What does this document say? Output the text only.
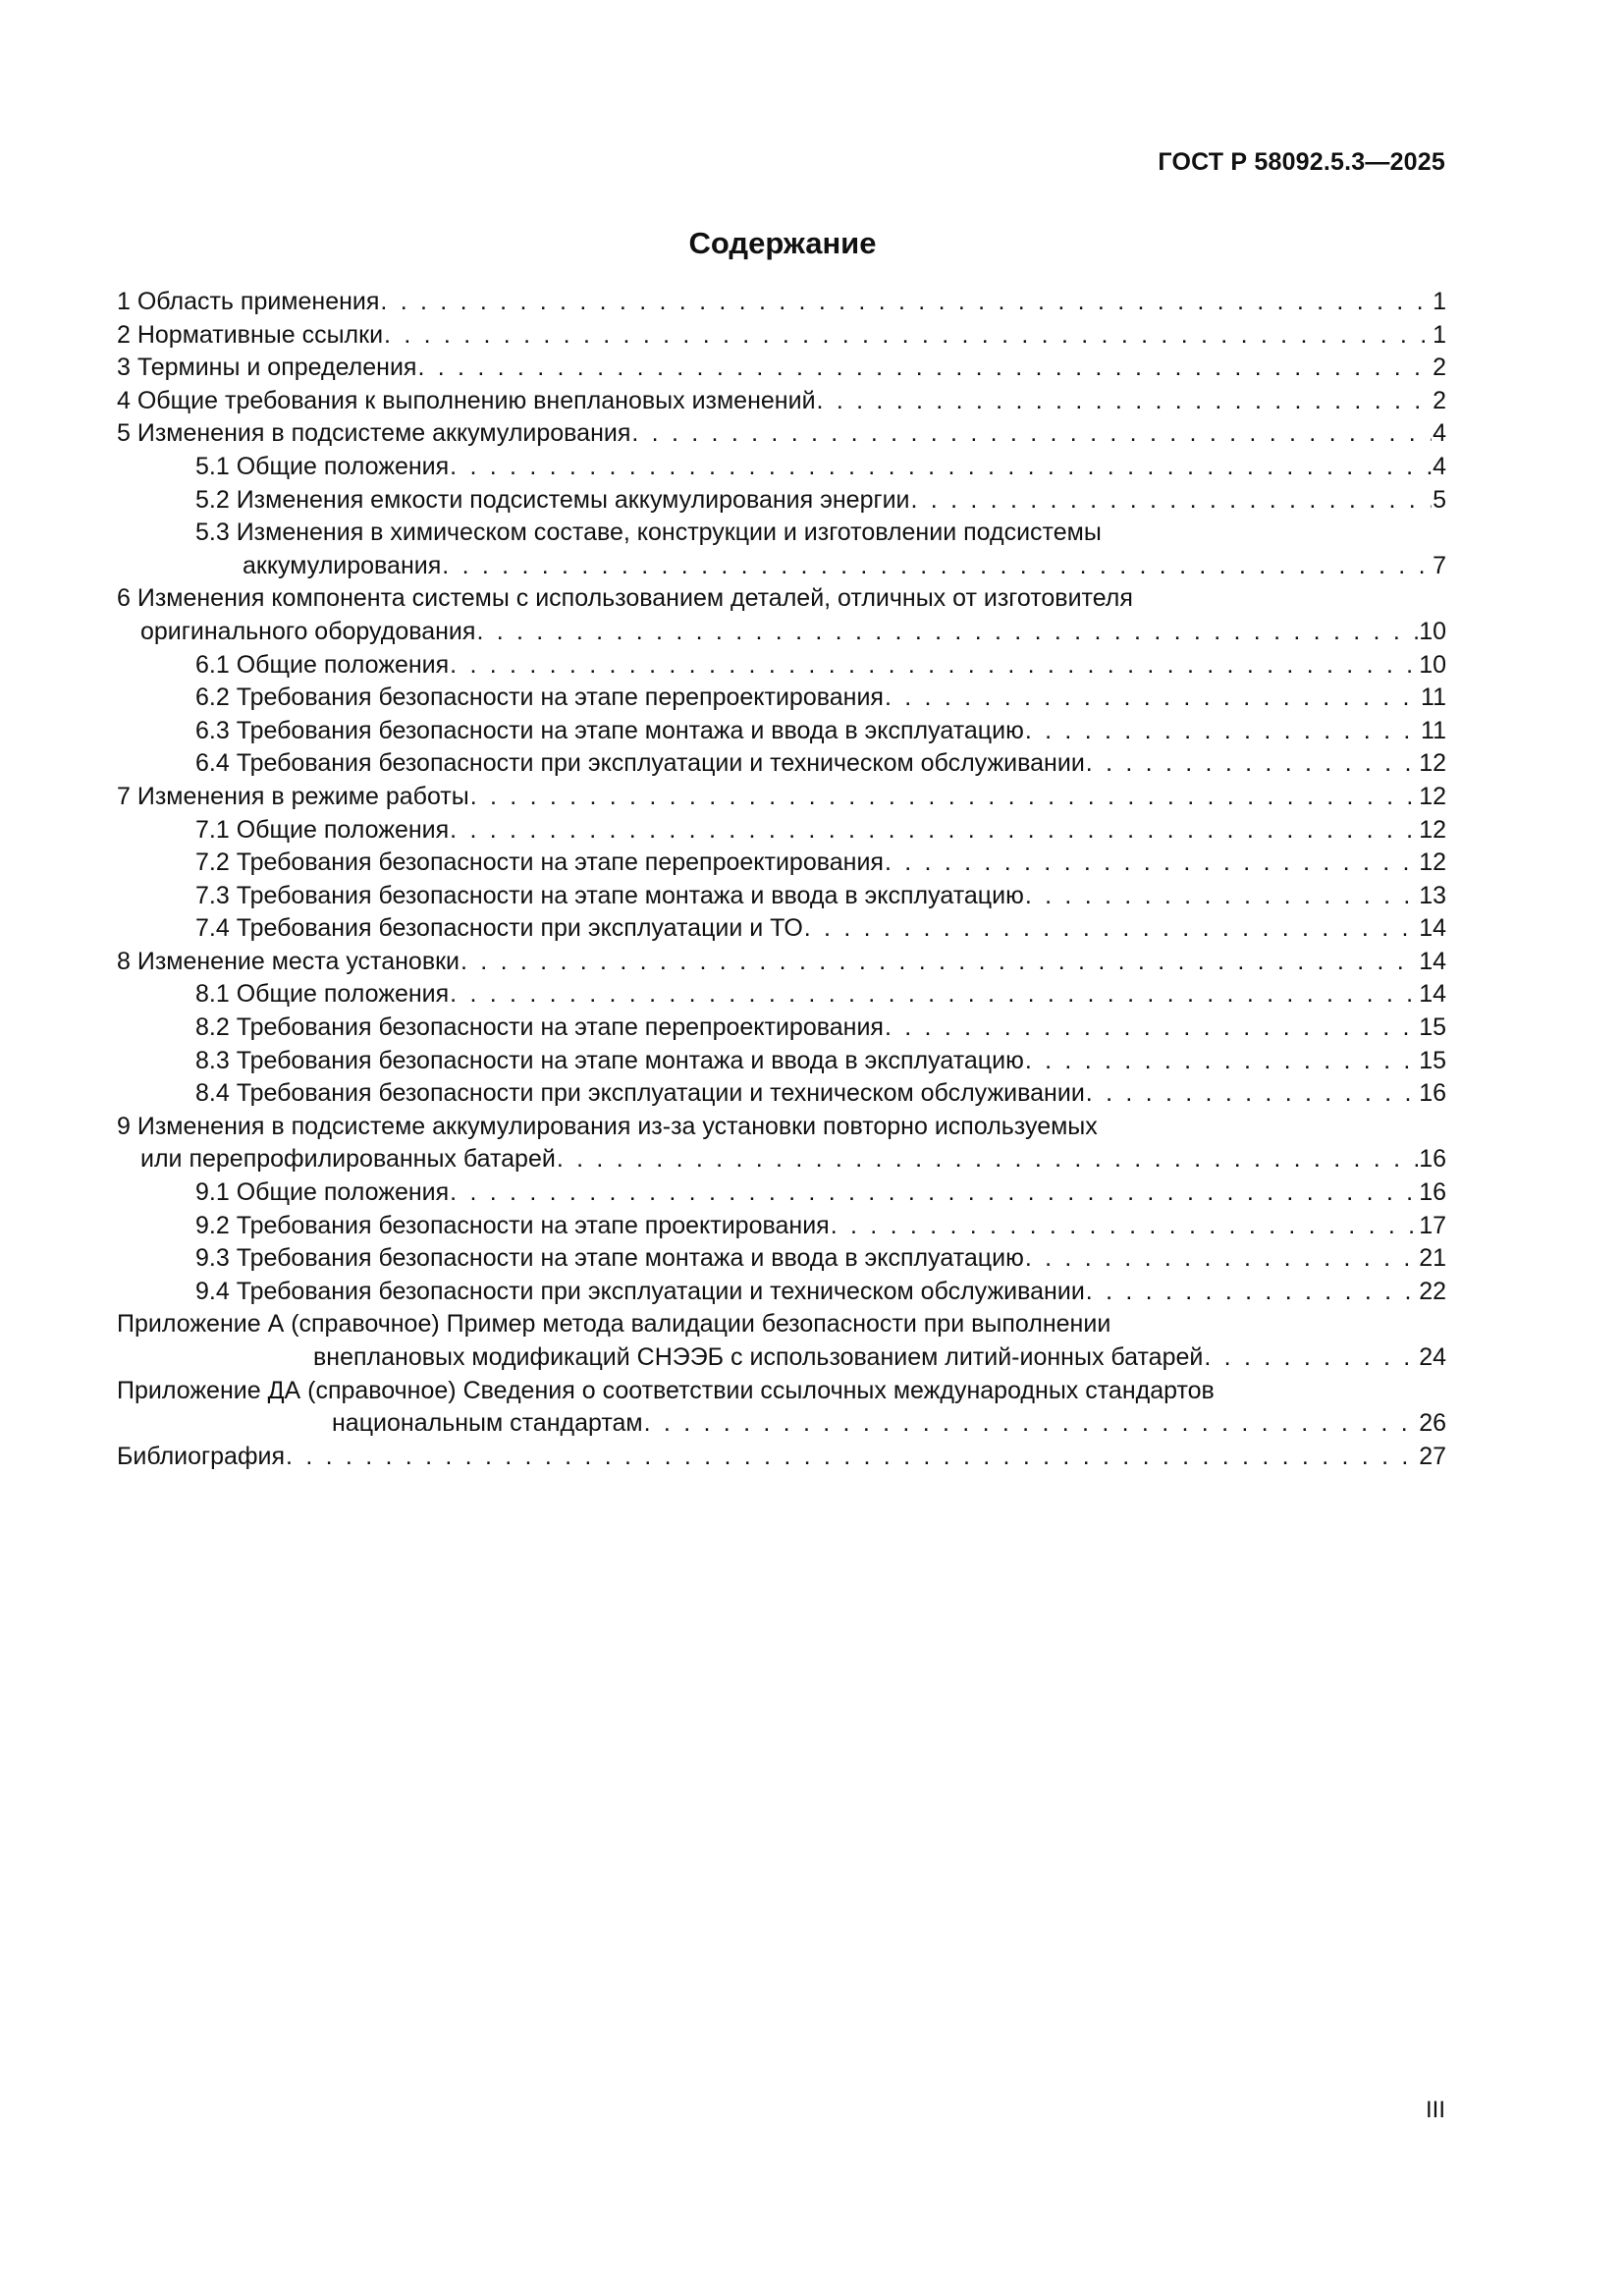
ГОСТ Р 58092.5.3—2025
Содержание
1 Область применения . . .	1
2 Нормативные ссылки . . .	1
3 Термины и определения . . .	2
4 Общие требования к выполнению внеплановых изменений . . .	2
5 Изменения в подсистеме аккумулирования . . .	4
5.1 Общие положения . . .	4
5.2 Изменения емкости подсистемы аккумулирования энергии . . .	5
5.3 Изменения в химическом составе, конструкции и изготовлении подсистемы
аккумулирования . . .	7
6 Изменения компонента системы с использованием деталей, отличных от изготовителя
оригинального оборудования . . .	10
6.1 Общие положения . . .	10
6.2 Требования безопасности на этапе перепроектирования . . .	11
6.3 Требования безопасности на этапе монтажа и ввода в эксплуатацию . . .	11
6.4 Требования безопасности при эксплуатации и техническом обслуживании . . .	12
7 Изменения в режиме работы . . .	12
7.1 Общие положения . . .	12
7.2 Требования безопасности на этапе перепроектирования . . .	12
7.3 Требования безопасности на этапе монтажа и ввода в эксплуатацию . . .	13
7.4 Требования безопасности при эксплуатации и ТО . . .	14
8 Изменение места установки . . .	14
8.1 Общие положения . . .	14
8.2 Требования безопасности на этапе перепроектирования . . .	15
8.3 Требования безопасности на этапе монтажа и ввода в эксплуатацию . . .	15
8.4 Требования безопасности при эксплуатации и техническом обслуживании . . .	16
9 Изменения в подсистеме аккумулирования из-за установки повторно используемых
или перепрофилированных батарей . . .	16
9.1 Общие положения . . .	16
9.2 Требования безопасности на этапе проектирования . . .	17
9.3 Требования безопасности на этапе монтажа и ввода в эксплуатацию . . .	21
9.4 Требования безопасности при эксплуатации и техническом обслуживании . . .	22
Приложение А (справочное) Пример метода валидации безопасности при выполнении
внеплановых модификаций СНЭЭБ с использованием литий-ионных батарей . . .	24
Приложение ДА (справочное) Сведения о соответствии ссылочных международных стандартов
национальным стандартам . . .	26
Библиография . . .	27
III
